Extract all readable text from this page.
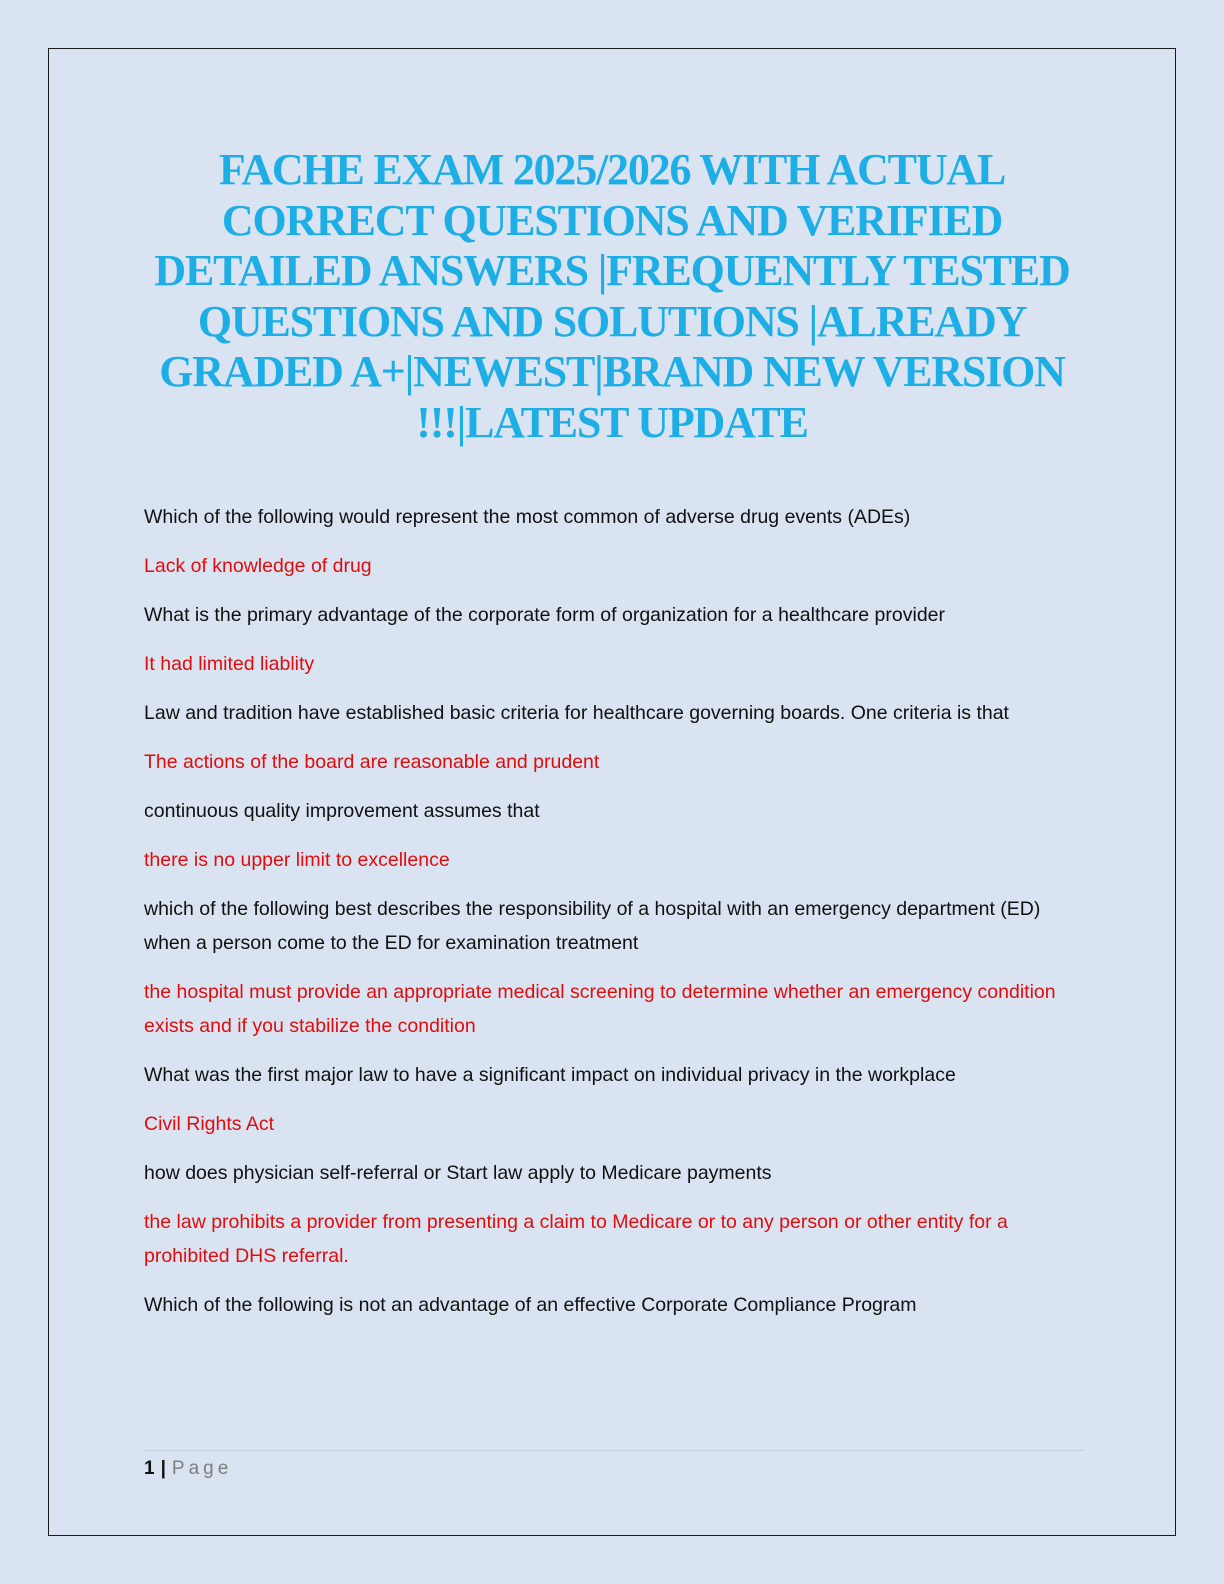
FACHE EXAM 2025/2026 WITH ACTUAL CORRECT QUESTIONS AND VERIFIED DETAILED ANSWERS |FREQUENTLY TESTED QUESTIONS AND SOLUTIONS |ALREADY GRADED A+|NEWEST|BRAND NEW VERSION !!!|LATEST UPDATE

Which of the following would represent the most common of adverse drug events (ADEs)

Lack of knowledge of drug

What is the primary advantage of the corporate form of organization for a healthcare provider

It had limited liablity

Law and tradition have established basic criteria for healthcare governing boards. One criteria is that

The actions of the board are reasonable and prudent

continuous quality improvement assumes that

there is no upper limit to excellence

which of the following best describes the responsibility of a hospital with an emergency department (ED) when a person come to the ED for examination treatment

the hospital must provide an appropriate medical screening to determine whether an emergency condition exists and if you stabilize the condition

What was the first major law to have a significant impact on individual privacy in the workplace

Civil Rights Act

how does physician self-referral or Start law apply to Medicare payments

the law prohibits a provider from presenting a claim to Medicare or to any person or other entity for a prohibited DHS referral.

Which of the following is not an advantage of an effective Corporate Compliance Program

1 | Page
